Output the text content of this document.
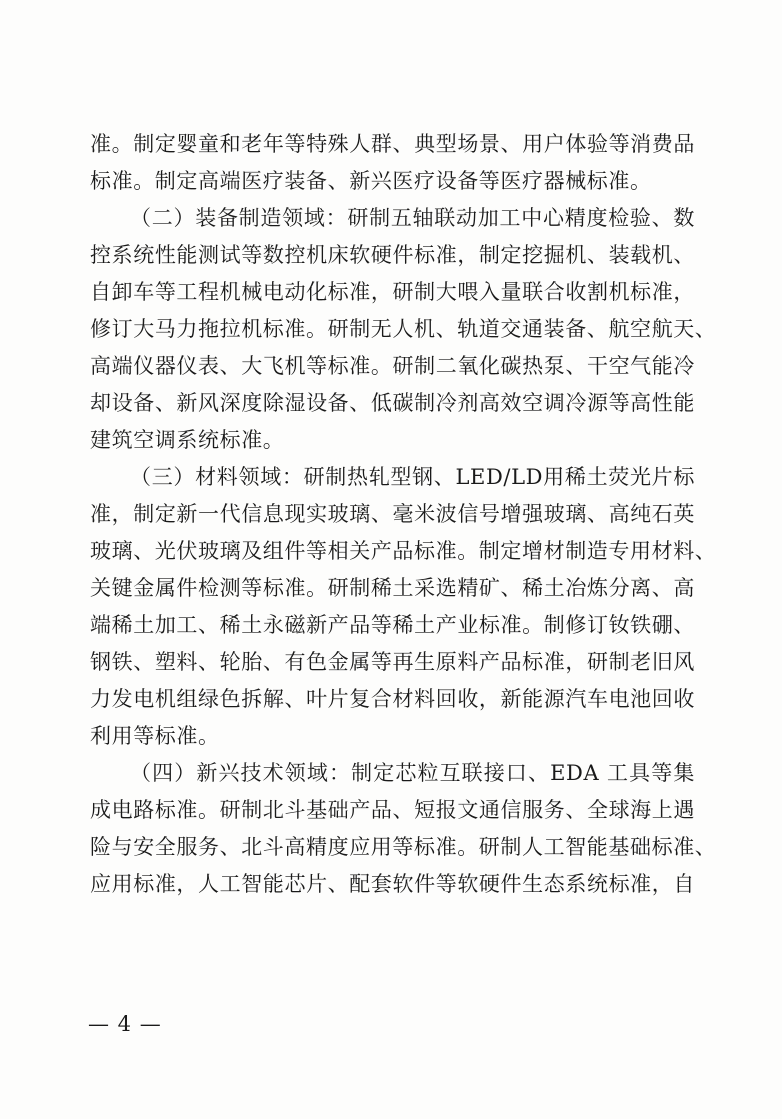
准。制定婴童和老年等特殊人群、典型场景、用户体验等消费品
标准。制定高端医疗装备、新兴医疗设备等医疗器械标准。
（二）装备制造领域：研制五轴联动加工中心精度检验、数
控系统性能测试等数控机床软硬件标准，制定挖掘机、装载机、
自卸车等工程机械电动化标准，研制大喂入量联合收割机标准，
修订大马力拖拉机标准。研制无人机、轨道交通装备、航空航天、
高端仪器仪表、大飞机等标准。研制二氧化碳热泵、干空气能冷
却设备、新风深度除湿设备、低碳制冷剂高效空调冷源等高性能
建筑空调系统标准。
（三）材料领域：研制热轧型钢、LED/LD用稀土荧光片标
准，制定新一代信息现实玻璃、毫米波信号增强玻璃、高纯石英
玻璃、光伏玻璃及组件等相关产品标准。制定增材制造专用材料、
关键金属件检测等标准。研制稀土采选精矿、稀土冶炼分离、高
端稀土加工、稀土永磁新产品等稀土产业标准。制修订钕铁硼、
钢铁、塑料、轮胎、有色金属等再生原料产品标准，研制老旧风
力发电机组绿色拆解、叶片复合材料回收，新能源汽车电池回收
利用等标准。
（四）新兴技术领域：制定芯粒互联接口、EDA 工具等集
成电路标准。研制北斗基础产品、短报文通信服务、全球海上遇
险与安全服务、北斗高精度应用等标准。研制人工智能基础标准、
应用标准，人工智能芯片、配套软件等软硬件生态系统标准，自
— 4 —
